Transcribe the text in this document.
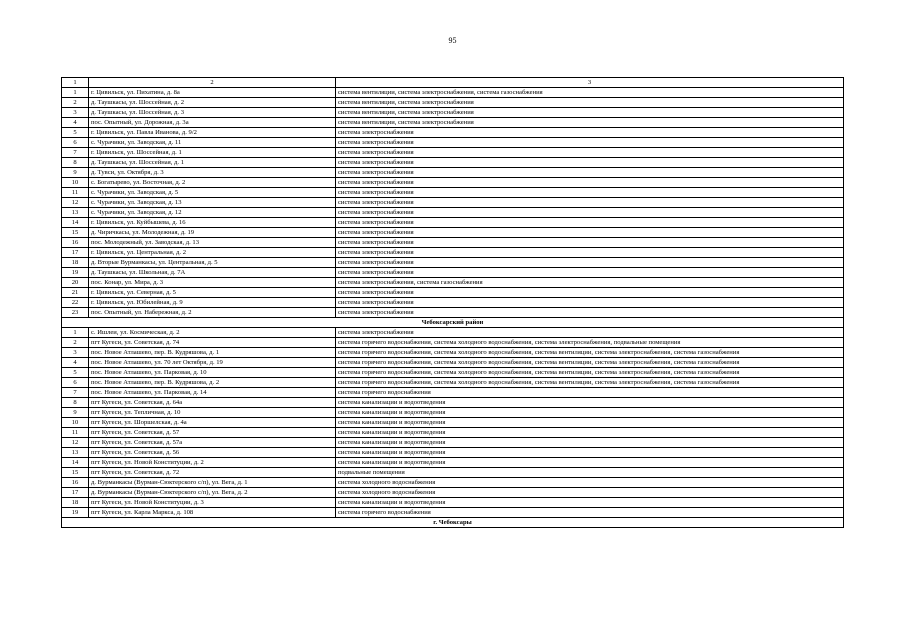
95
1	2	3
1	г. Цивильск, ул. Пихатина, д. 8а	система вентиляции, система электроснабжения, система газоснабжения
2	д. Таушкасы, ул. Шоссейная, д. 2	система вентиляции, система электроснабжения
3	д. Таушкасы, ул. Шоссейная, д. 3	система вентиляции, система электроснабжения
4	пос. Опытный, ул. Дорожная, д. 3а	система вентиляции, система электроснабжения
5	г. Цивильск, ул. Павла Иванова, д. 9/2	система электроснабжения
6	с. Чурачики, ул. Заводская, д. 11	система электроснабжения
7	г. Цивильск, ул. Шоссейная, д. 1	система электроснабжения
8	д. Таушкасы, ул. Шоссейная, д. 1	система электроснабжения
9	д. Тувси, ул. Октября, д. 3	система электроснабжения
10	с. Богатырево, ул. Восточная, д. 2	система электроснабжения
11	с. Чурачики, ул. Заводская, д. 5	система электроснабжения
12	с. Чурачики, ул. Заводская, д. 13	система электроснабжения
13	с. Чурачики, ул. Заводская, д. 12	система электроснабжения
14	г. Цивильск, ул. Куйбышева, д. 16	система электроснабжения
15	д. Чиричкасы, ул. Молодежная, д. 19	система электроснабжения
16	пос. Молодежный, ул. Заводская, д. 13	система электроснабжения
17	г. Цивильск, ул. Центральная, д. 2	система электроснабжения
18	д. Вторые Вурманкасы, ул. Центральная, д. 5	система электроснабжения
19	д. Таушкасы, ул. Школьная, д. 7А	система электроснабжения
20	пос. Конар, ул. Мира, д. 3	система электроснабжения, система газоснабжения
21	г. Цивильск, ул. Северная, д. 5	система электроснабжения
22	г. Цивильск, ул. Юбилейная, д. 9	система электроснабжения
23	пос. Опытный, ул. Набережная, д. 2	система электроснабжения
Чебоксарский район		
1	с. Ишлеи, ул. Космическая, д. 2	система электроснабжения
2	пгт Кугеси, ул. Советская, д. 74	система горячего водоснабжения, система холодного водоснабжения, система электроснабжения, подвальные помещения
3	пос. Новое Атлашево, пер. В. Кудряшова, д. 1	система горячего водоснабжения, система холодного водоснабжения, система вентиляции, система электроснабжения, система газоснабжения
4	пос. Новое Атлашево, ул. 70 лет Октября, д. 19	система горячего водоснабжения, система холодного водоснабжения, система вентиляции, система электроснабжения, система газоснабжения
5	пос. Новое Атлашево, ул. Парковая, д. 10	система горячего водоснабжения, система холодного водоснабжения, система вентиляции, система электроснабжения, система газоснабжения
6	пос. Новое Атлашево, пер. В. Кудряшова, д. 2	система горячего водоснабжения, система холодного водоснабжения, система вентиляции, система электроснабжения, система газоснабжения
7	пос. Новое Атлашево, ул. Парковая, д. 14	система горячего водоснабжения
8	пгт Кугеси, ул. Советская, д. 64а	система канализации и водоотведения
9	пгт Кугеси, ул. Тепличная, д. 10	система канализации и водоотведения
10	пгт Кугеси, ул. Шоршелская, д. 4а	система канализации и водоотведения
11	пгт Кугеси, ул. Советская, д. 57	система канализации и водоотведения
12	пгт Кугеси, ул. Советская, д. 57а	система канализации и водоотведения
13	пгт Кугеси, ул. Советская, д. 56	система канализации и водоотведения
14	пгт Кугеси, ул. Новой Конституции, д. 2	система канализации и водоотведения
15	пгт Кугеси, ул. Советская, д. 72	подвальные помещения
16	д. Вурманкасы (Вурман-Сюктерского с/п), ул. Вега, д. 1	система холодного водоснабжения
17	д. Вурманкасы (Вурман-Сюктерского с/п), ул. Вега, д. 2	система холодного водоснабжения
18	пгт Кугеси, ул. Новой Конституции, д. 3	система канализации и водоотведения
19	пгт Кугеси, ул. Карла Маркса, д. 108	система горячего водоснабжения
г. Чебоксары		
